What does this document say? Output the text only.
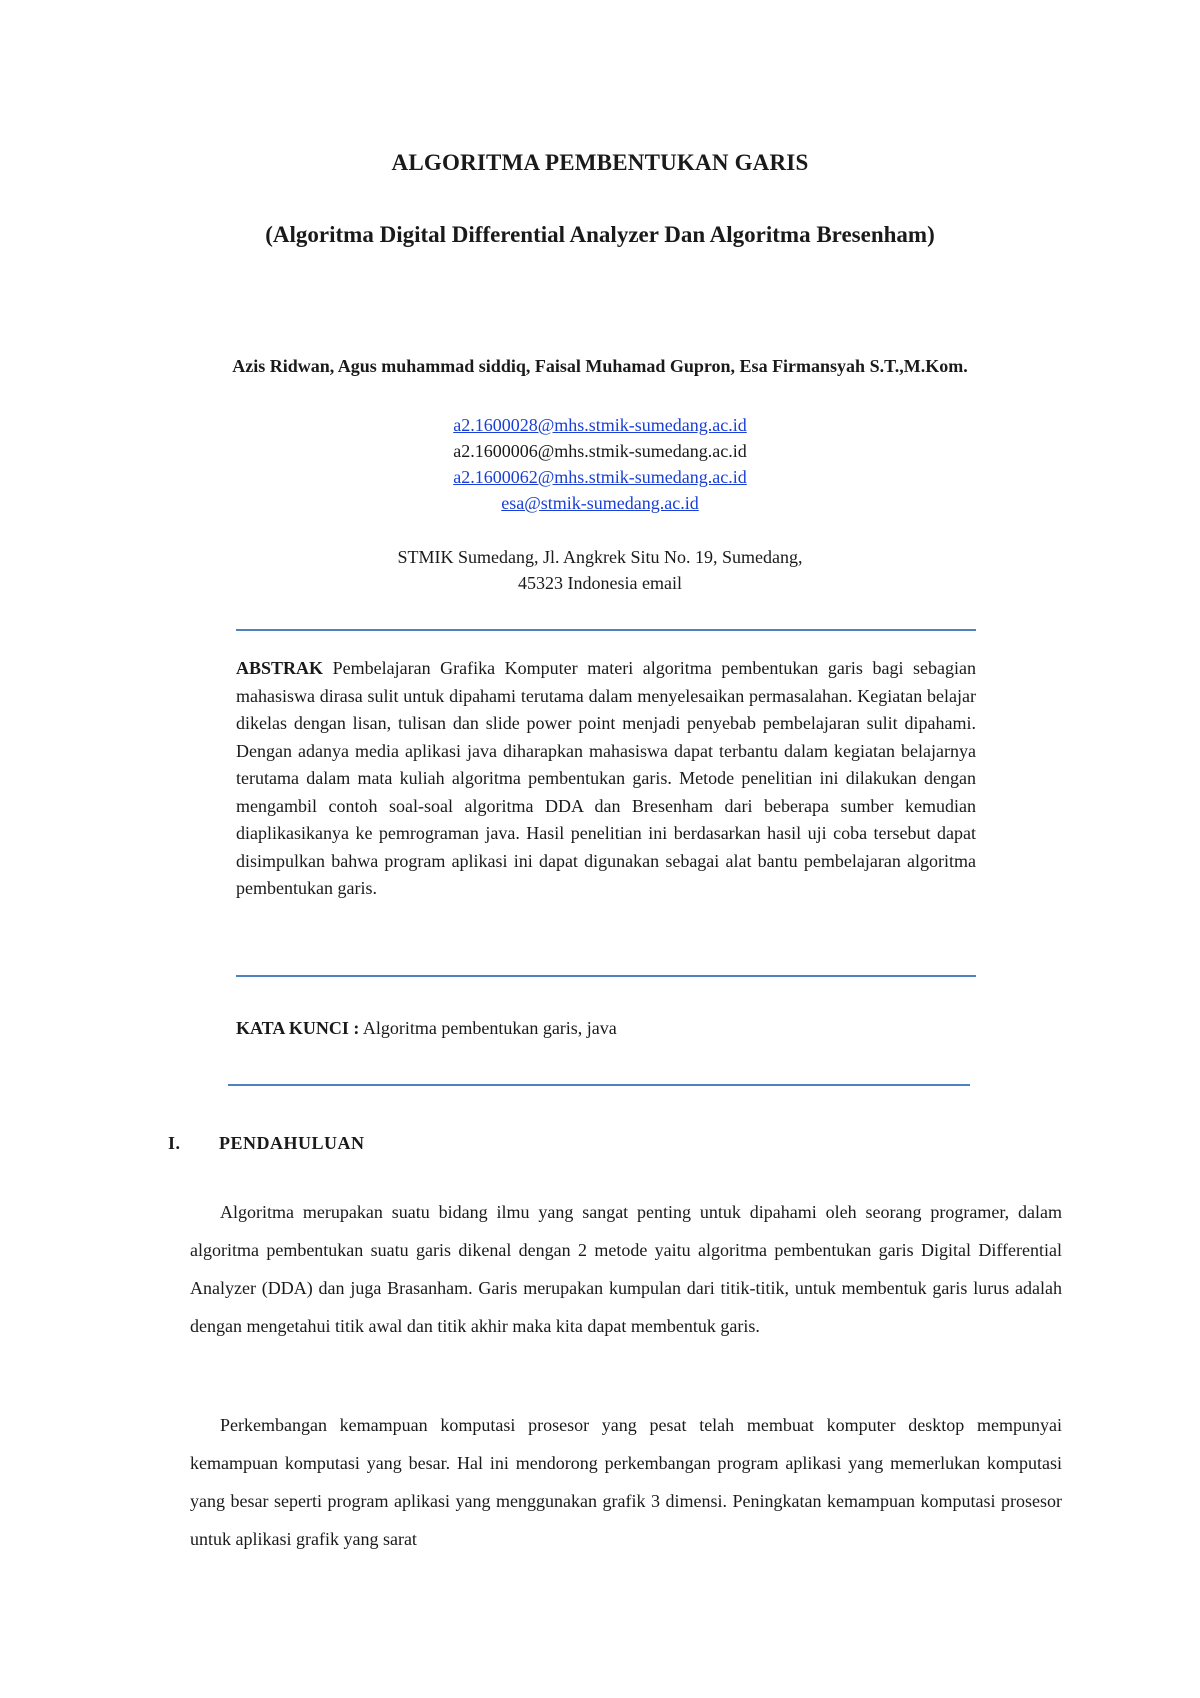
ALGORITMA PEMBENTUKAN GARIS
(Algoritma Digital Differential Analyzer Dan Algoritma Bresenham)
Azis Ridwan, Agus muhammad siddiq, Faisal Muhamad Gupron, Esa Firmansyah S.T.,M.Kom.
a2.1600028@mhs.stmik-sumedang.ac.id
a2.1600006@mhs.stmik-sumedang.ac.id
a2.1600062@mhs.stmik-sumedang.ac.id
esa@stmik-sumedang.ac.id
STMIK Sumedang, Jl. Angkrek Situ No. 19, Sumedang,
45323 Indonesia email
ABSTRAK Pembelajaran Grafika Komputer materi algoritma pembentukan garis bagi sebagian mahasiswa dirasa sulit untuk dipahami terutama dalam menyelesaikan permasalahan. Kegiatan belajar dikelas dengan lisan, tulisan dan slide power point menjadi penyebab pembelajaran sulit dipahami. Dengan adanya media aplikasi java diharapkan mahasiswa dapat terbantu dalam kegiatan belajarnya terutama dalam mata kuliah algoritma pembentukan garis. Metode penelitian ini dilakukan dengan mengambil contoh soal-soal algoritma DDA dan Bresenham dari beberapa sumber kemudian diaplikasikanya ke pemrograman java. Hasil penelitian ini berdasarkan hasil uji coba tersebut dapat disimpulkan bahwa program aplikasi ini dapat digunakan sebagai alat bantu pembelajaran algoritma pembentukan garis.
KATA KUNCI : Algoritma pembentukan garis, java
I. PENDAHULUAN
Algoritma merupakan suatu bidang ilmu yang sangat penting untuk dipahami oleh seorang programer, dalam algoritma pembentukan suatu garis dikenal dengan 2 metode yaitu algoritma pembentukan garis Digital Differential Analyzer (DDA) dan juga Brasanham. Garis merupakan kumpulan dari titik-titik, untuk membentuk garis lurus adalah dengan mengetahui titik awal dan titik akhir maka kita dapat membentuk garis.
Perkembangan kemampuan komputasi prosesor yang pesat telah membuat komputer desktop mempunyai kemampuan komputasi yang besar. Hal ini mendorong perkembangan program aplikasi yang memerlukan komputasi yang besar seperti program aplikasi yang menggunakan grafik 3 dimensi. Peningkatan kemampuan komputasi prosesor untuk aplikasi grafik yang sarat
